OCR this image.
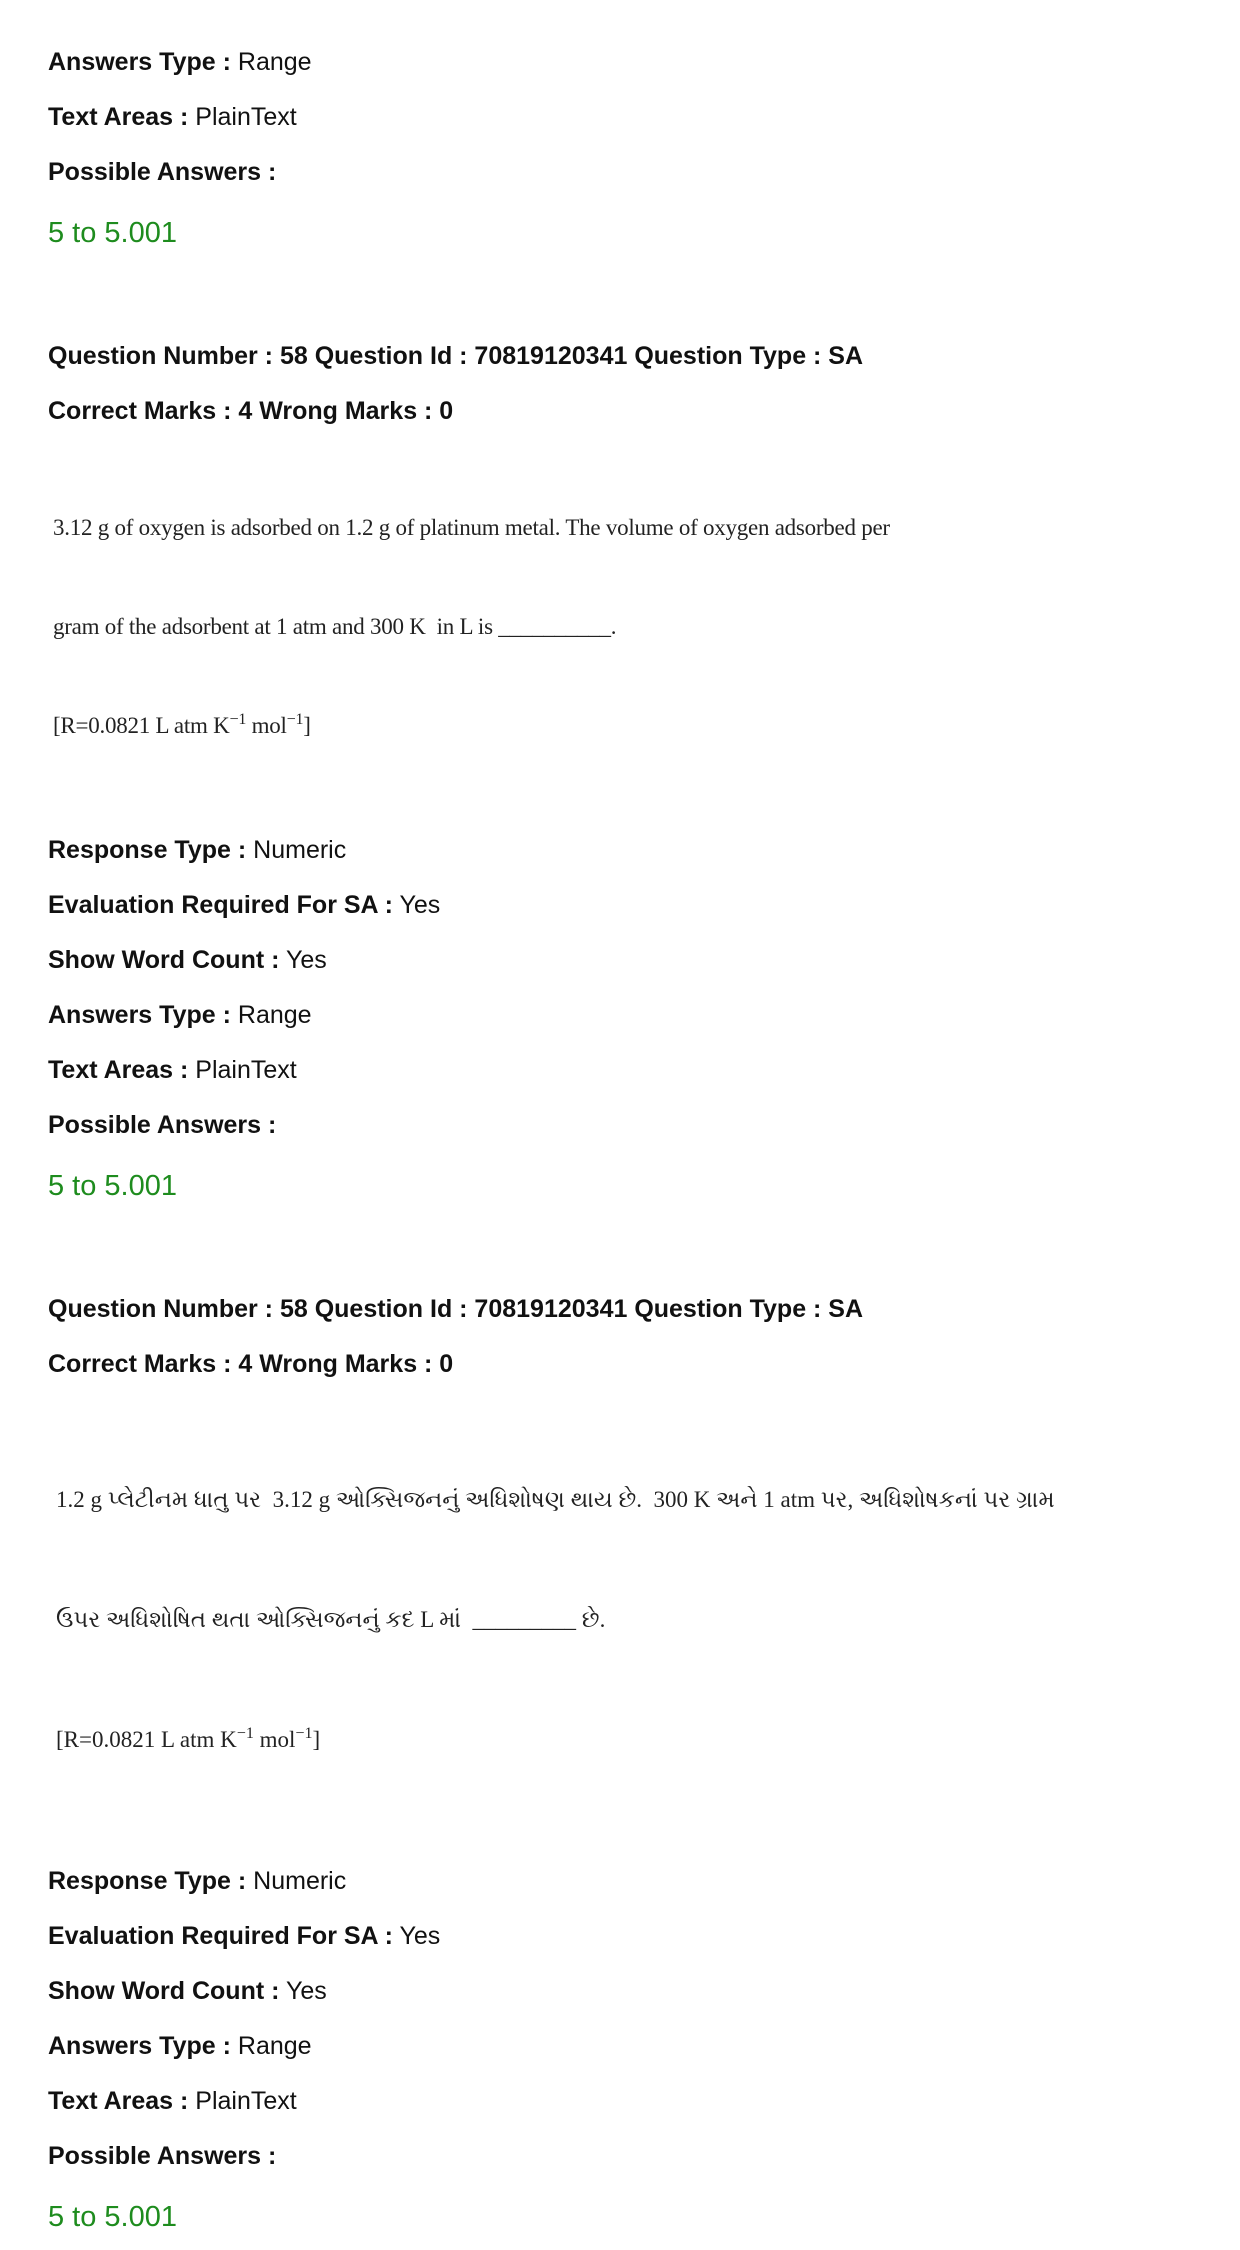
Answers Type : Range
Text Areas : PlainText
Possible Answers :
5 to 5.001
Question Number : 58 Question Id : 70819120341 Question Type : SA
Correct Marks : 4 Wrong Marks : 0

3.12 g of oxygen is adsorbed on 1.2 g of platinum metal. The volume of oxygen adsorbed per

gram of the adsorbent at 1 atm and 300 K  in L is __________.

[R=0.0821 L atm $K^{-1}$ mol$^{-1}$]

Response Type : Numeric
Evaluation Required For SA : Yes
Show Word Count : Yes
Answers Type : Range
Text Areas : PlainText
Possible Answers :
5 to 5.001
Question Number : 58 Question Id : 70819120341 Question Type : SA
Correct Marks : 4 Wrong Marks : 0

1.2 g પ્લેટીનમ ધાતુ પર  3.12 g ઓક્સિજનનું અધિશોષણ થાય છે.  300 K અને 1 atm પર, અધિશોષકનાં પર ગ્રામ

ઉપર અધિશોષિત થતા ઓક્સિજનનું કદ L માં  _________ છે.

[R=0.0821 L atm $K^{-1}$ mol$^{-1}$]

Response Type : Numeric
Evaluation Required For SA : Yes
Show Word Count : Yes
Answers Type : Range
Text Areas : PlainText
Possible Answers :
5 to 5.001
